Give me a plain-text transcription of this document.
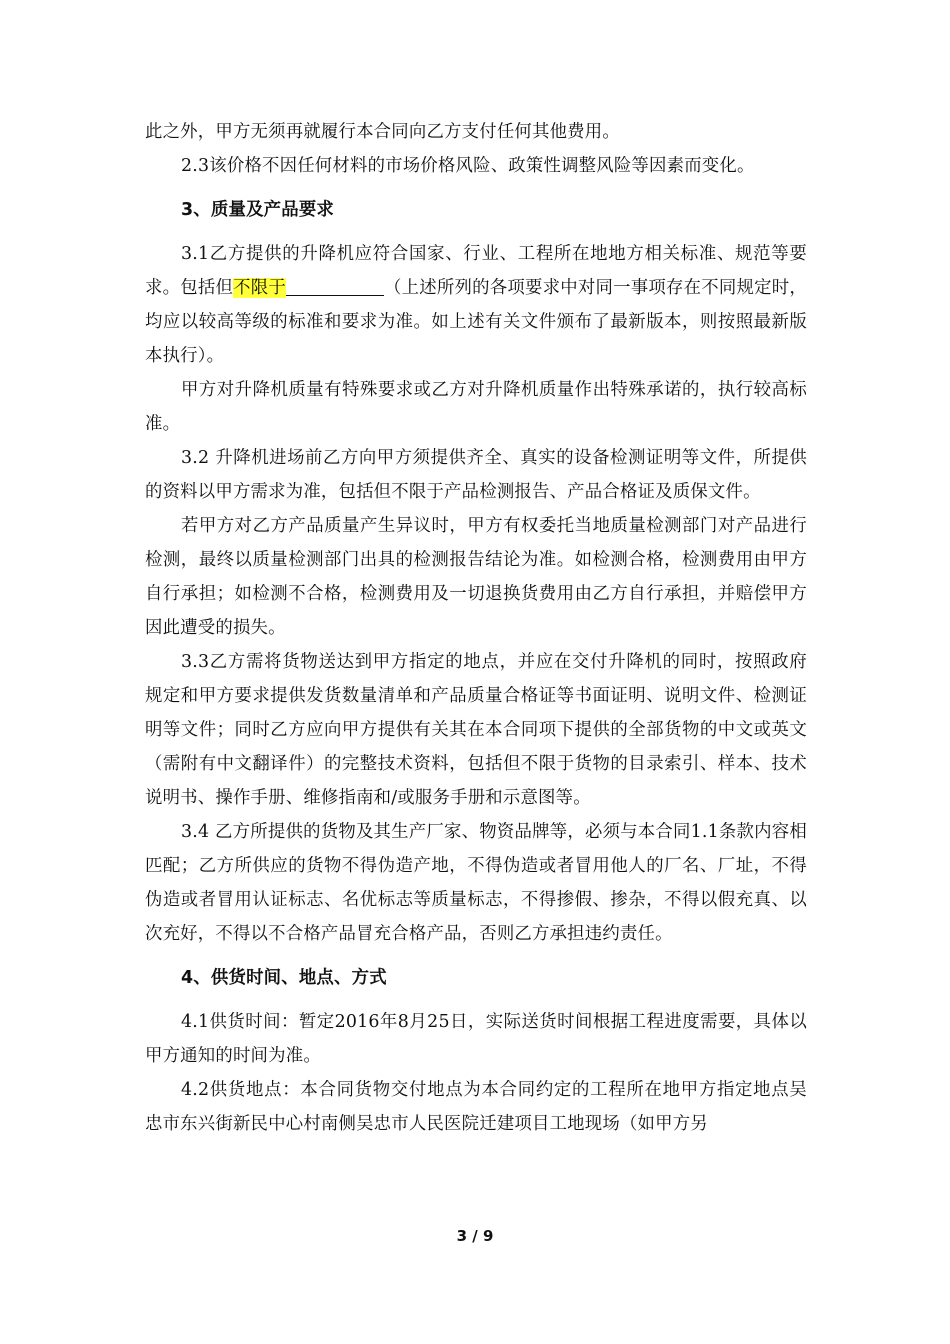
此之外，甲方无须再就履行本合同向乙方支付任何其他费用。

2.3该价格不因任何材料的市场价格风险、政策性调整风险等因素而变化。

3、质量及产品要求

3.1乙方提供的升降机应符合国家、行业、工程所在地地方相关标准、规范等要求。包括但不限于	（上述所列的各项要求中对同一事项存在不同规定时，均应以较高等级的标准和要求为准。如上述有关文件颁布了最新版本，则按照最新版本执行）。

甲方对升降机质量有特殊要求或乙方对升降机质量作出特殊承诺的，执行较高标准。

3.2 升降机进场前乙方向甲方须提供齐全、真实的设备检测证明等文件，所提供的资料以甲方需求为准，包括但不限于产品检测报告、产品合格证及质保文件。

若甲方对乙方产品质量产生异议时，甲方有权委托当地质量检测部门对产品进行检测，最终以质量检测部门出具的检测报告结论为准。如检测合格，检测费用由甲方自行承担；如检测不合格，检测费用及一切退换货费用由乙方自行承担，并赔偿甲方因此遭受的损失。

3.3乙方需将货物送达到甲方指定的地点，并应在交付升降机的同时，按照政府规定和甲方要求提供发货数量清单和产品质量合格证等书面证明、说明文件、检测证明等文件；同时乙方应向甲方提供有关其在本合同项下提供的全部货物的中文或英文（需附有中文翻译件）的完整技术资料，包括但不限于货物的目录索引、样本、技术说明书、操作手册、维修指南和/或服务手册和示意图等。

3.4 乙方所提供的货物及其生产厂家、物资品牌等，必须与本合同1.1条款内容相匹配；乙方所供应的货物不得伪造产地，不得伪造或者冒用他人的厂名、厂址，不得伪造或者冒用认证标志、名优标志等质量标志，不得掺假、掺杂，不得以假充真、以次充好，不得以不合格产品冒充合格产品，否则乙方承担违约责任。

4、供货时间、地点、方式

4.1供货时间：暂定2016年8月25日，实际送货时间根据工程进度需要，具体以甲方通知的时间为准。

4.2供货地点：本合同货物交付地点为本合同约定的工程所在地甲方指定地点吴忠市东兴街新民中心村南侧吴忠市人民医院迁建项目工地现场（如甲方另

3 / 9
